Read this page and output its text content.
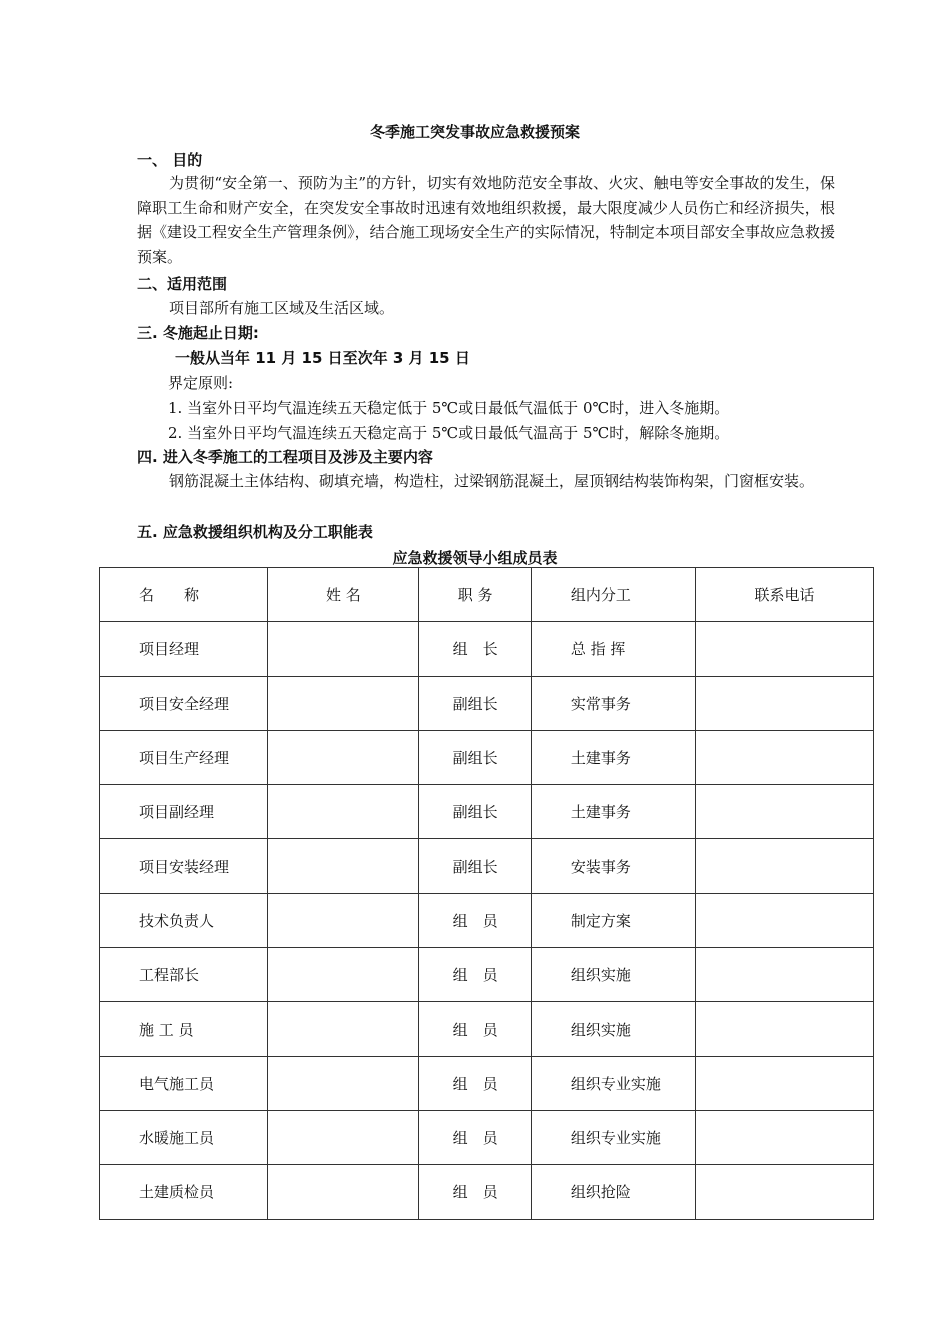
冬季施工突发事故应急救援预案
一、 目的
为贯彻“安全第一、预防为主”的方针，切实有效地防范安全事故、火灾、触电等安全事故的发生，保障职工生命和财产安全，在突发安全事故时迅速有效地组织救援，最大限度减少人员伤亡和经济损失，根据《建设工程安全生产管理条例》，结合施工现场安全生产的实际情况，特制定本项目部安全事故应急救援预案。
二、适用范围
项目部所有施工区域及生活区域。
三. 冬施起止日期:
一般从当年 11 月 15 日至次年 3 月 15 日
界定原则:
1. 当室外日平均气温连续五天稳定低于 5℃或日最低气温低于 0℃时，进入冬施期。
2. 当室外日平均气温连续五天稳定高于 5℃或日最低气温高于 5℃时，解除冬施期。
四. 进入冬季施工的工程项目及涉及主要内容
钢筋混凝土主体结构、砌填充墙，构造柱，过梁钢筋混凝土，屋顶钢结构装饰构架，门窗框安装。
五. 应急救援组织机构及分工职能表
应急救援领导小组成员表
名　　称	姓 名	职 务	组内分工	联系电话
项目经理		组　长	总 指 挥	
项目安全经理		副组长	实常事务	
项目生产经理		副组长	土建事务	
项目副经理		副组长	土建事务	
项目安装经理		副组长	安装事务	
技术负责人		组　员	制定方案	
工程部长		组　员	组织实施	
施 工 员		组　员	组织实施	
电气施工员		组　员	组织专业实施	
水暖施工员		组　员	组织专业实施	
土建质检员		组　员	组织抢险	
